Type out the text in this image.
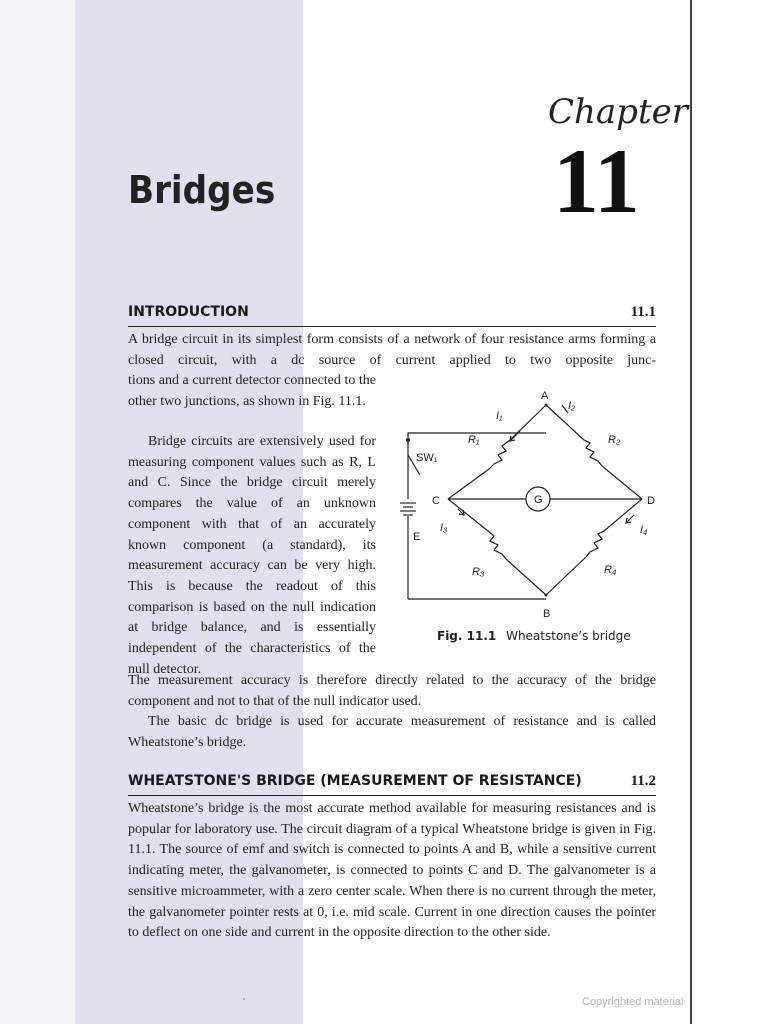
Chapter
11
Bridges
INTRODUCTION	11.1
A bridge circuit in its simplest form consists of a network of four resistance arms forming a closed circuit, with a dc source of current applied to two opposite junc-
tions and a current detector connected to the other two junctions, as shown in Fig. 11.1.
Bridge circuits are extensively used for measuring component values such as R, L and C. Since the bridge circuit merely compares the value of an unknown component with that of an accurately known component (a standard), its measurement accuracy can be very high. This is because the readout of this comparison is based on the null indication at bridge balance, and is essentially independent of the characteristics of the null detector.
The measurement accuracy is therefore directly related to the accuracy of the bridge component and not to that of the null indicator used.
The basic dc bridge is used for accurate measurement of resistance and is called Wheatstone’s bridge.
A
B
C	D
E
SW₁
R₁	R₂
R₃	R₄
I₁
I₂
I₃	I₄
G
Fig. 11.1 Wheatstone’s bridge
WHEATSTONE'S BRIDGE (MEASUREMENT OF RESISTANCE)	11.2
Wheatstone’s bridge is the most accurate method available for measuring resistances and is popular for laboratory use. The circuit diagram of a typical Wheatstone bridge is given in Fig. 11.1. The source of emf and switch is connected to points A and B, while a sensitive current indicating meter, the galvanometer, is connected to points C and D. The galvanometer is a sensitive microammeter, with a zero center scale. When there is no current through the meter, the galvanometer pointer rests at 0, i.e. mid scale. Current in one direction causes the pointer to deflect on one side and current in the opposite direction to the other side.
Copyrighted material
